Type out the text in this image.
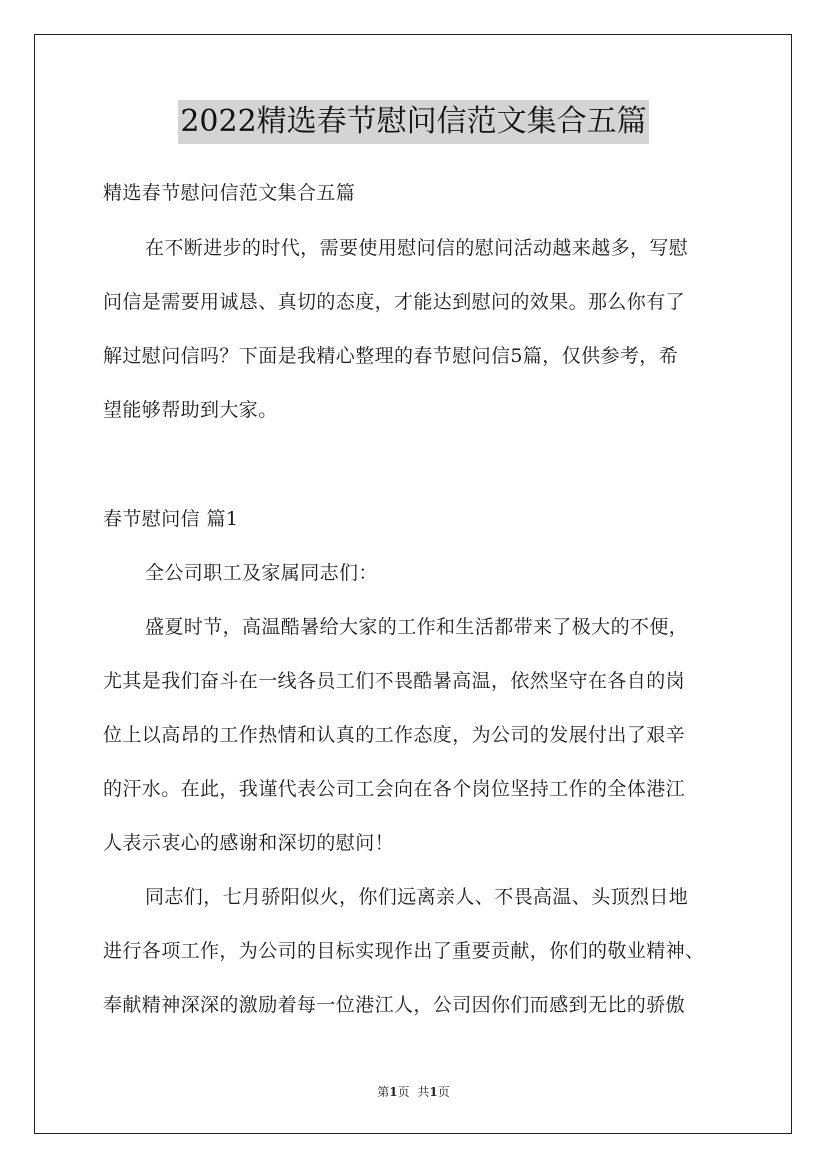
2022精选春节慰问信范文集合五篇
精选春节慰问信范文集合五篇
在不断进步的时代，需要使用慰问信的慰问活动越来越多，写慰
问信是需要用诚恳、真切的态度，才能达到慰问的效果。那么你有了
解过慰问信吗？下面是我精心整理的春节慰问信5篇，仅供参考，希
望能够帮助到大家。
春节慰问信 篇1
全公司职工及家属同志们：
盛夏时节，高温酷暑给大家的工作和生活都带来了极大的不便，
尤其是我们奋斗在一线各员工们不畏酷暑高温，依然坚守在各自的岗
位上以高昂的工作热情和认真的工作态度，为公司的发展付出了艰辛
的汗水。在此，我谨代表公司工会向在各个岗位坚持工作的全体港江
人表示衷心的感谢和深切的慰问！
同志们，七月骄阳似火，你们远离亲人、不畏高温、头顶烈日地
进行各项工作，为公司的目标实现作出了重要贡献，你们的敬业精神、
奉献精神深深的激励着每一位港江人，公司因你们而感到无比的骄傲
第1页 共1页
